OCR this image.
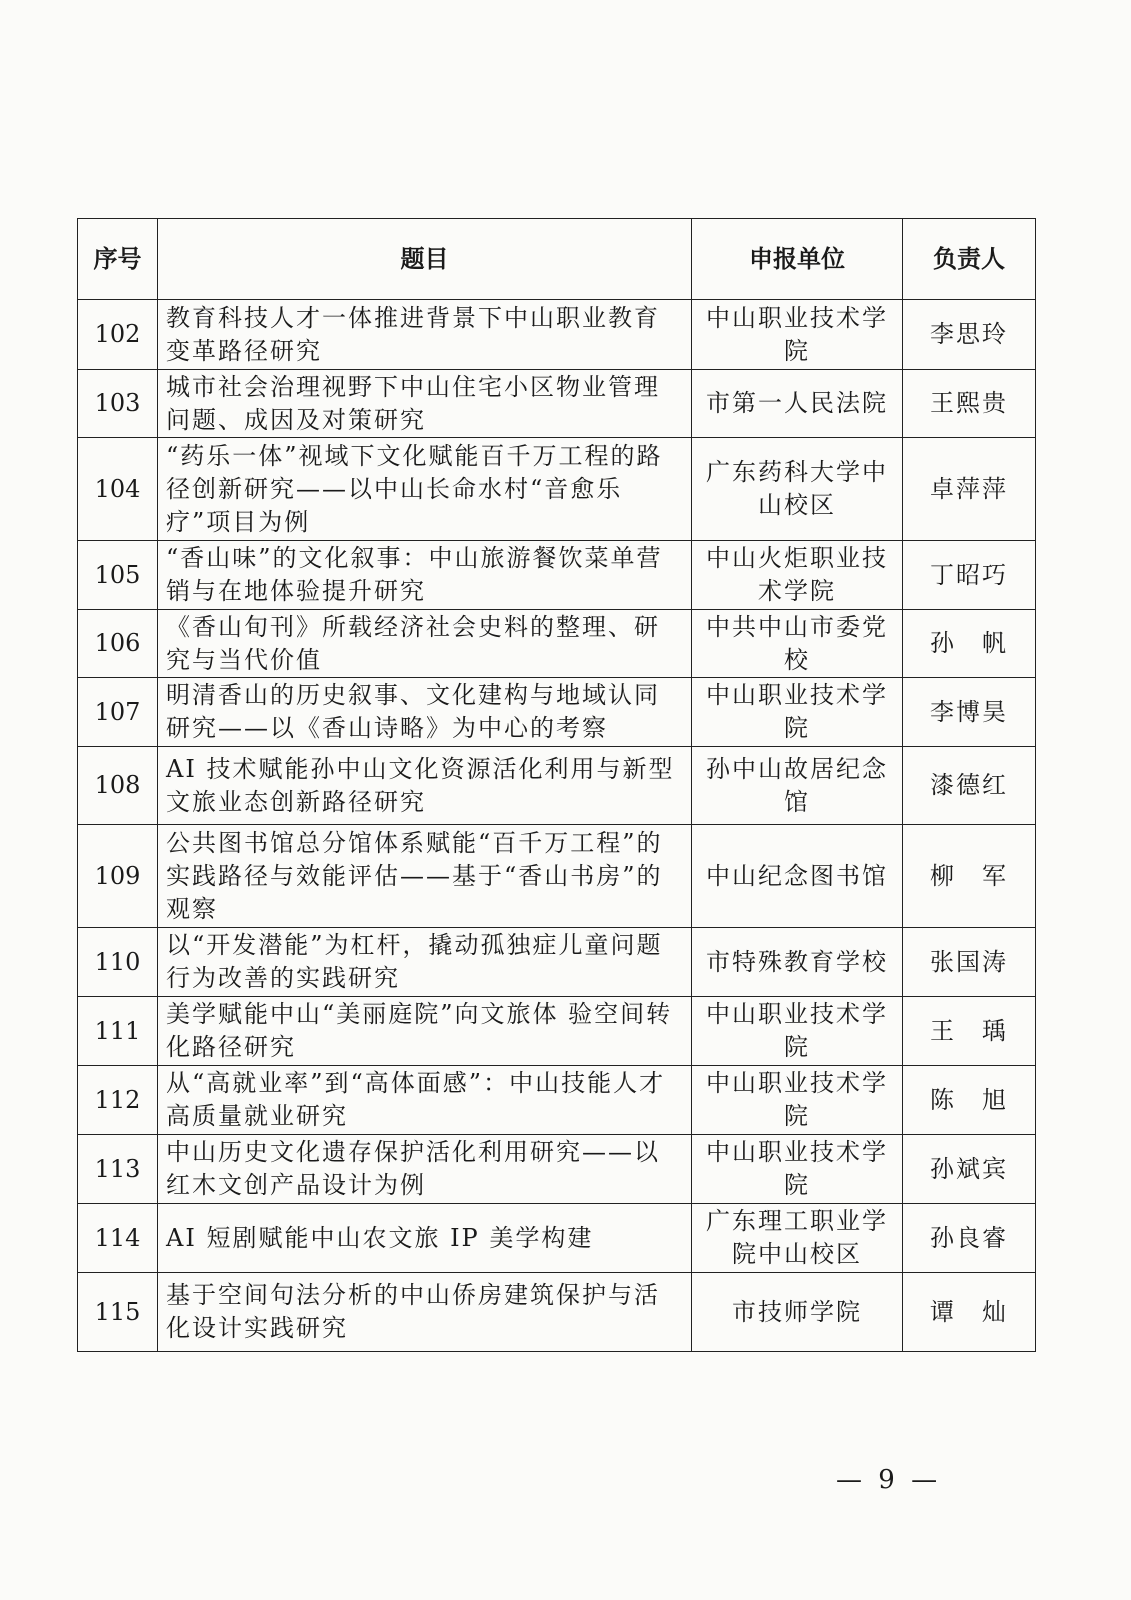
序号	题目	申报单位	负责人
102	教育科技人才一体推进背景下中山职业教育变革路径研究	中山职业技术学院	李思玲
103	城市社会治理视野下中山住宅小区物业管理问题、成因及对策研究	市第一人民法院	王熙贵
104	“药乐一体”视域下文化赋能百千万工程的路径创新研究——以中山长命水村“音愈乐疗”项目为例	广东药科大学中山校区	卓萍萍
105	“香山味”的文化叙事：中山旅游餐饮菜单营销与在地体验提升研究	中山火炬职业技术学院	丁昭巧
106	《香山旬刊》所载经济社会史料的整理、研究与当代价值	中共中山市委党校	孙　帆
107	明清香山的历史叙事、文化建构与地域认同研究——以《香山诗略》为中心的考察	中山职业技术学院	李博昊
108	AI 技术赋能孙中山文化资源活化利用与新型文旅业态创新路径研究	孙中山故居纪念馆	漆德红
109	公共图书馆总分馆体系赋能“百千万工程”的实践路径与效能评估——基于“香山书房”的观察	中山纪念图书馆	柳　军
110	以“开发潜能”为杠杆，撬动孤独症儿童问题行为改善的实践研究	市特殊教育学校	张国涛
111	美学赋能中山“美丽庭院”向文旅体 验空间转化路径研究	中山职业技术学院	王　瑀
112	从“高就业率”到“高体面感”：中山技能人才高质量就业研究	中山职业技术学院	陈　旭
113	中山历史文化遗存保护活化利用研究——以红木文创产品设计为例	中山职业技术学院	孙斌宾
114	AI 短剧赋能中山农文旅 IP 美学构建	广东理工职业学院中山校区	孙良睿
115	基于空间句法分析的中山侨房建筑保护与活化设计实践研究	市技师学院	谭　灿
— 9 —
